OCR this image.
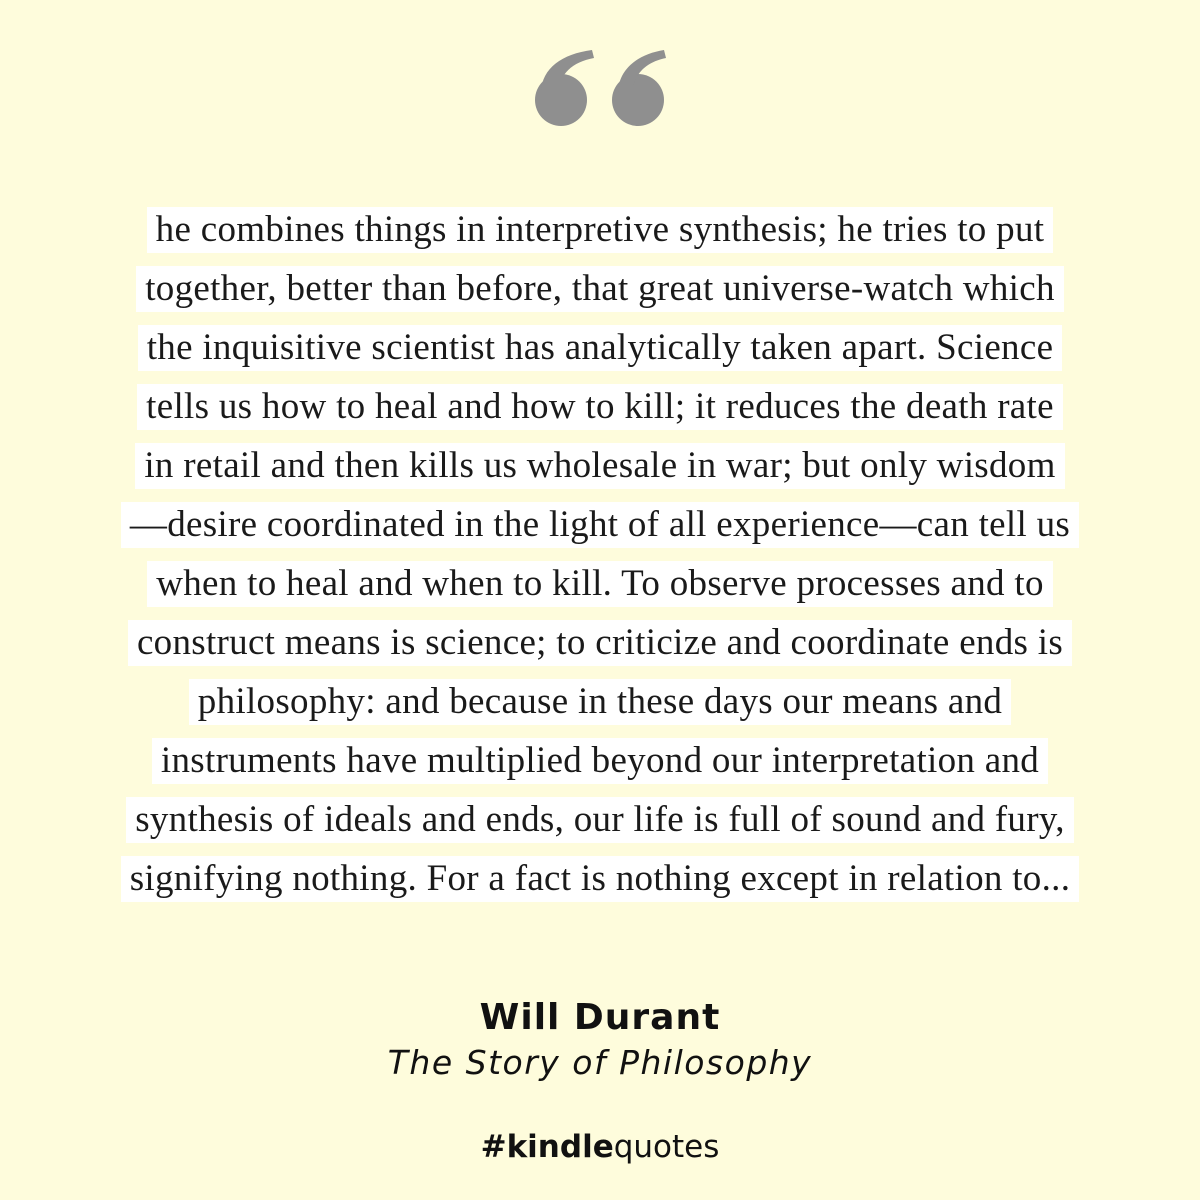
he combines things in interpretive synthesis; he tries to put
together, better than before, that great universe-watch which
the inquisitive scientist has analytically taken apart. Science
tells us how to heal and how to kill; it reduces the death rate
in retail and then kills us wholesale in war; but only wisdom
—desire coordinated in the light of all experience—can tell us
when to heal and when to kill. To observe processes and to
construct means is science; to criticize and coordinate ends is
philosophy: and because in these days our means and
instruments have multiplied beyond our interpretation and
synthesis of ideals and ends, our life is full of sound and fury,
signifying nothing. For a fact is nothing except in relation to...
Will Durant
The Story of Philosophy
#kindlequotes
